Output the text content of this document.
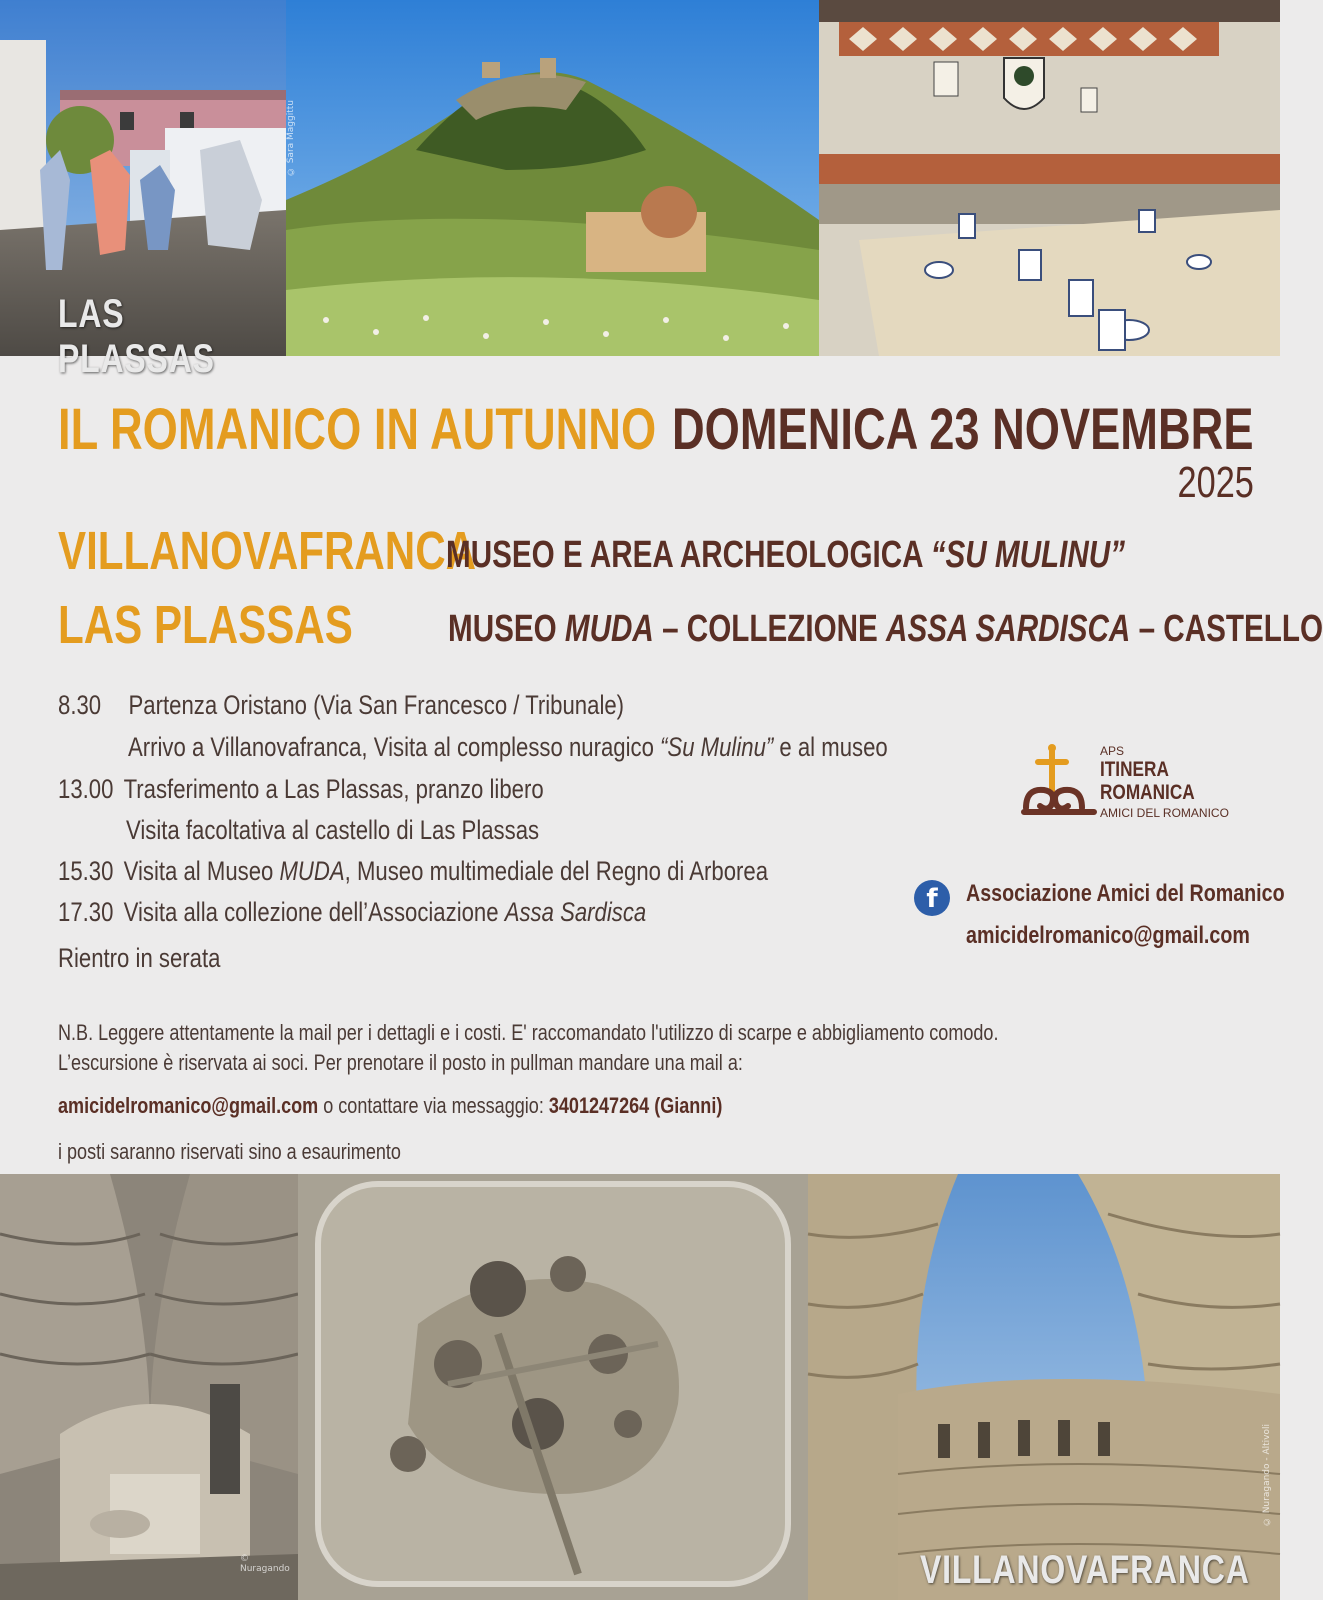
LAS PLASSAS
© Sara Maggittu
IL ROMANICO IN AUTUNNO DOMENICA 23 NOVEMBRE
2025
VILLANOVAFRANCA
MUSEO E AREA ARCHEOLOGICA “SU MULINU”
LAS PLASSAS	MUSEO MUDA – COLLEZIONE ASSA SARDISCA – CASTELLO
8.30 Partenza Oristano (Via San Francesco / Tribunale)
Arrivo a Villanovafranca, Visita al complesso nuragico “Su Mulinu” e al museo
13.00 Trasferimento a Las Plassas, pranzo libero
Visita facoltativa al castello di Las Plassas
15.30 Visita al Museo MUDA, Museo multimediale del Regno di Arborea
17.30 Visita alla collezione dell’Associazione Assa Sardisca
Rientro in serata
APS
ITINERA
ROMANICA
AMICI DEL ROMANICO
f	Associazione Amici del Romanico
amicidelromanico@gmail.com
N.B. Leggere attentamente la mail per i dettagli e i costi. E' raccomandato l'utilizzo di scarpe e abbigliamento comodo.
L’escursione è riservata ai soci. Per prenotare il posto in pullman mandare una mail a:
amicidelromanico@gmail.com o contattare via messaggio: 3401247264 (Gianni)
i posti saranno riservati sino a esaurimento
© Nuragando	VILLANOVAFRANCA
© Nuragando - Altivoli
